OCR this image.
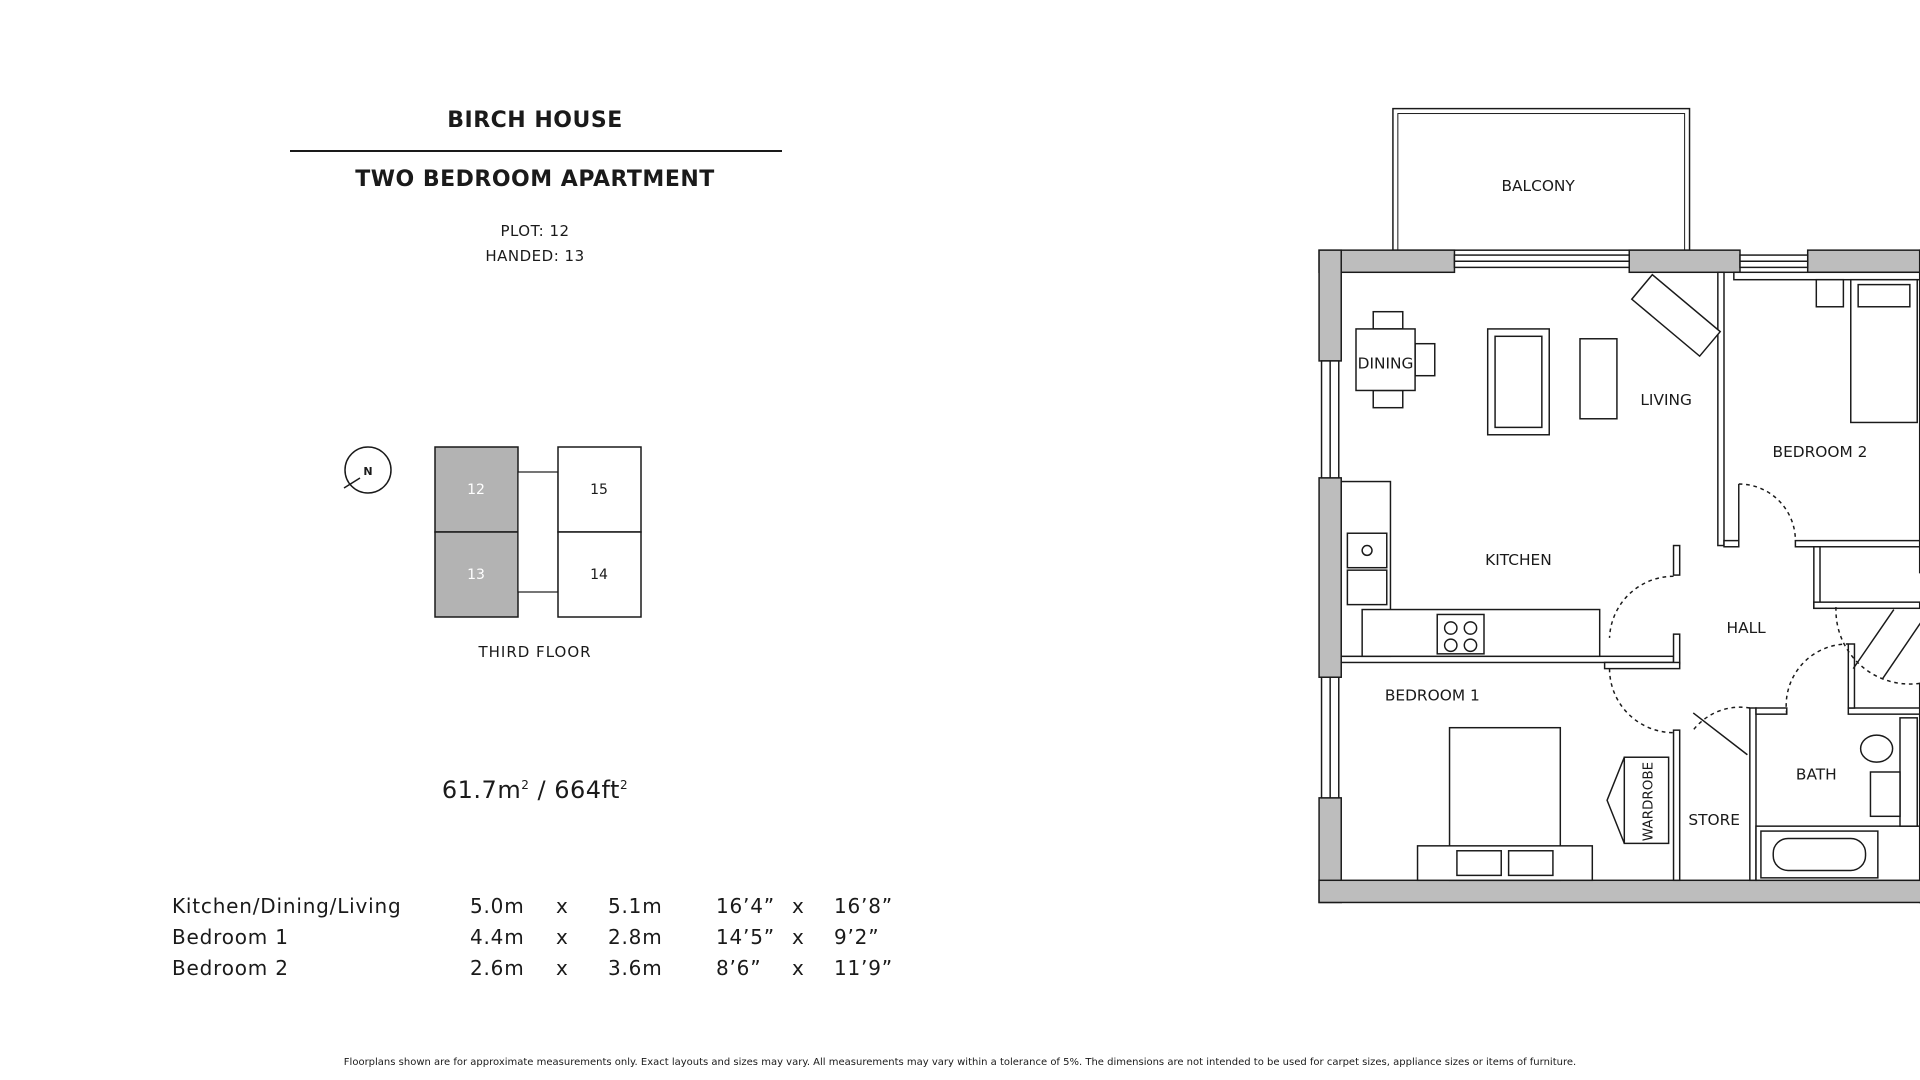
BIRCH HOUSE
TWO BEDROOM APARTMENT
PLOT: 12
HANDED: 13
N
12
13
15
14
THIRD FLOOR
$61.7m^2 / 664ft^2$
Kitchen/Dining/Living	5.0m	x	5.1m	16’4”	x	16’8”
Bedroom 1	4.4m	x	2.8m	14’5”	x	9’2”
Bedroom 2	2.6m	x	3.6m	8’6”	x	11’9”
BALCONY
DINING
LIVING
BEDROOM 2
KITCHEN
HALL
BEDROOM 1
STORE
BATH
WARDROBE
Floorplans shown are for approximate measurements only. Exact layouts and sizes may vary. All measurements may vary within a tolerance of 5%. The dimensions are not intended to be used for carpet sizes, appliance sizes or items of furniture.
